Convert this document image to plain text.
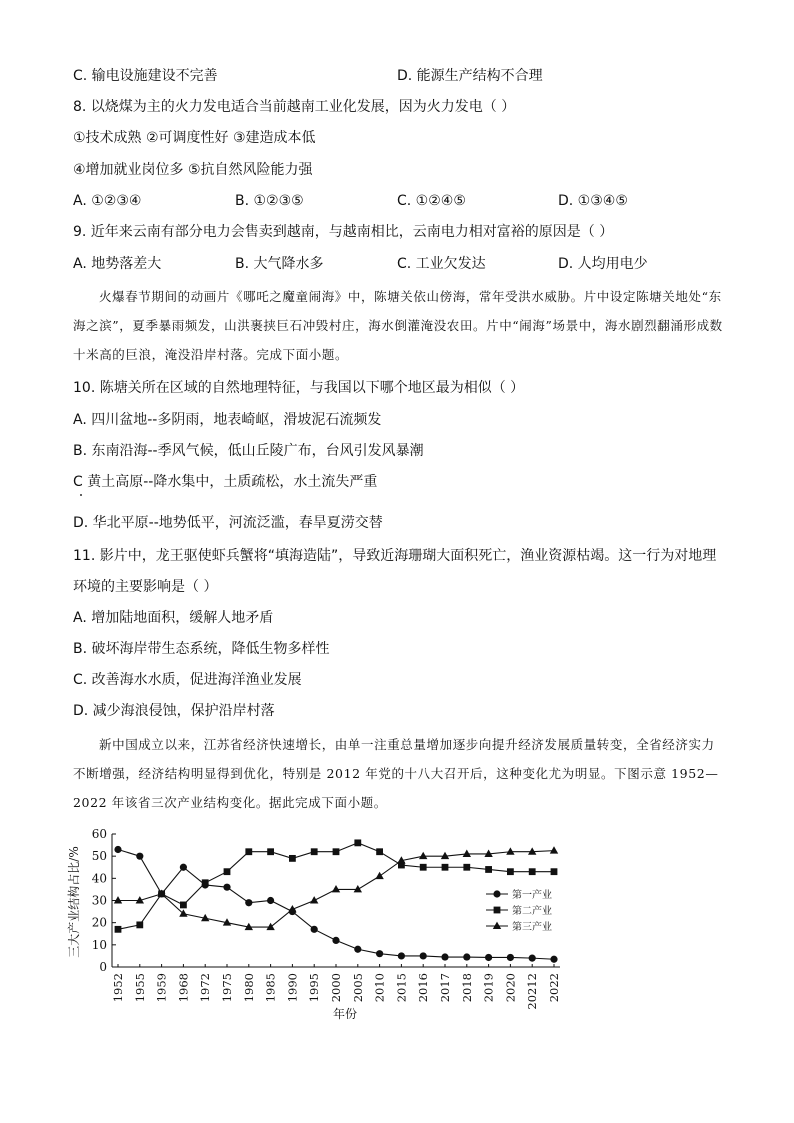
C. 输电设施建设不完善	D. 能源生产结构不合理
8. 以烧煤为主的火力发电适合当前越南工业化发展，因为火力发电（ ）
①技术成熟 ②可调度性好 ③建造成本低
④增加就业岗位多 ⑤抗自然风险能力强
A. ①②③④	B. ①②③⑤	C. ①②④⑤	D. ①③④⑤
9. 近年来云南有部分电力会售卖到越南，与越南相比，云南电力相对富裕的原因是（ ）
A. 地势落差大	B. 大气降水多	C. 工业欠发达	D. 人均用电少
火爆春节期间的动画片《哪吒之魔童闹海》中，陈塘关依山傍海，常年受洪水威胁。片中设定陈塘关地处“东海之滨”，夏季暴雨频发，山洪裹挟巨石冲毁村庄，海水倒灌淹没农田。片中“闹海”场景中，海水剧烈翻涌形成数十米高的巨浪，淹没沿岸村落。完成下面小题。
10. 陈塘关所在区域的自然地理特征，与我国以下哪个地区最为相似（ ）
A. 四川盆地--多阴雨，地表崎岖，滑坡泥石流频发
B. 东南沿海--季风气候，低山丘陵广布，台风引发风暴潮
C 黄土高原--降水集中，土质疏松，水土流失严重
D. 华北平原--地势低平，河流泛滥，春旱夏涝交替
11. 影片中，龙王驱使虾兵蟹将“填海造陆”，导致近海珊瑚大面积死亡，渔业资源枯竭。这一行为对地理
环境的主要影响是（ ）
A. 增加陆地面积，缓解人地矛盾
B. 破坏海岸带生态系统，降低生物多样性
C. 改善海水水质，促进海洋渔业发展
D. 减少海浪侵蚀，保护沿岸村落
新中国成立以来，江苏省经济快速增长，由单一注重总量增加逐步向提升经济发展质量转变，全省经济实力不断增强，经济结构明显得到优化，特别是 2012 年党的十八大召开后，这种变化尤为明显。下图示意 1952—2022 年该省三次产业结构变化。据此完成下面小题。
三大产业结构占比/%
年份
0
10
20
30
40
50
60
1952 1955 1959 1968 1972 1975 1980 1985 1990 1995 2000 2005 2010 2015 2016 2017 2018 2019 2020 20212 2022
第一产业
第二产业
第三产业
